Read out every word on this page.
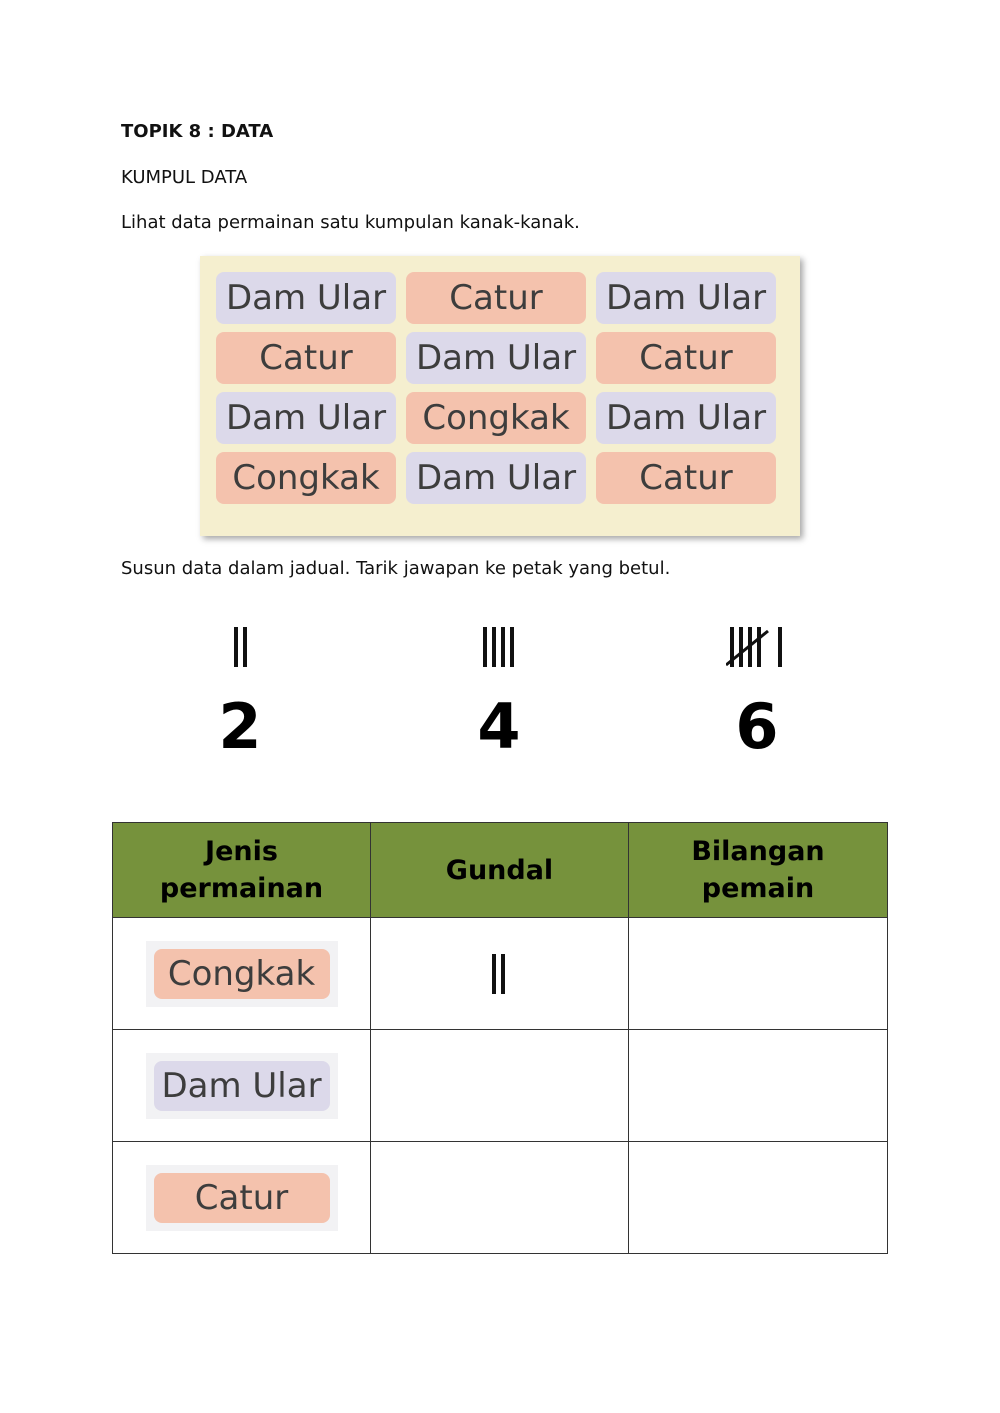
TOPIK 8 : DATA
KUMPUL DATA
Lihat data permainan satu kumpulan kanak-kanak.
Dam Ular	Catur	Dam Ular
Catur	Dam Ular	Catur
Dam Ular	Congkak	Dam Ular
Congkak	Dam Ular	Catur
Susun data dalam jadual. Tarik jawapan ke petak yang betul.
2	4	6
Jenis permainan	Gundal	Bilangan pemain

Congkak

Dam Ular		

Catur		
